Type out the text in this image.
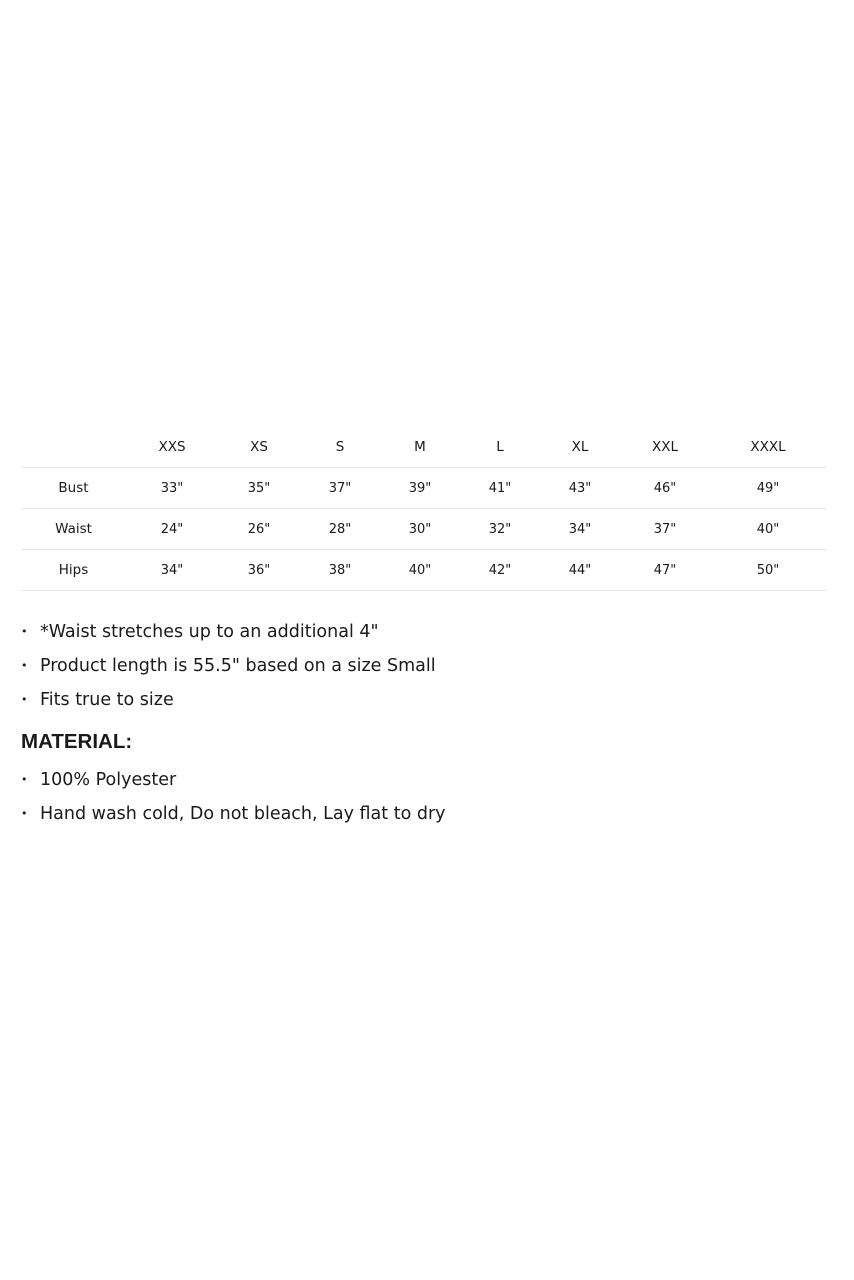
	XXS	XS	S	M	L	XL	XXL	XXXL
Bust	33"	35"	37"	39"	41"	43"	46"	49"
Waist	24"	26"	28"	30"	32"	34"	37"	40"
Hips	34"	36"	38"	40"	42"	44"	47"	50"
• *Waist stretches up to an additional 4"
• Product length is 55.5" based on a size Small
• Fits true to size
MATERIAL:
• 100% Polyester
• Hand wash cold, Do not bleach, Lay flat to dry
